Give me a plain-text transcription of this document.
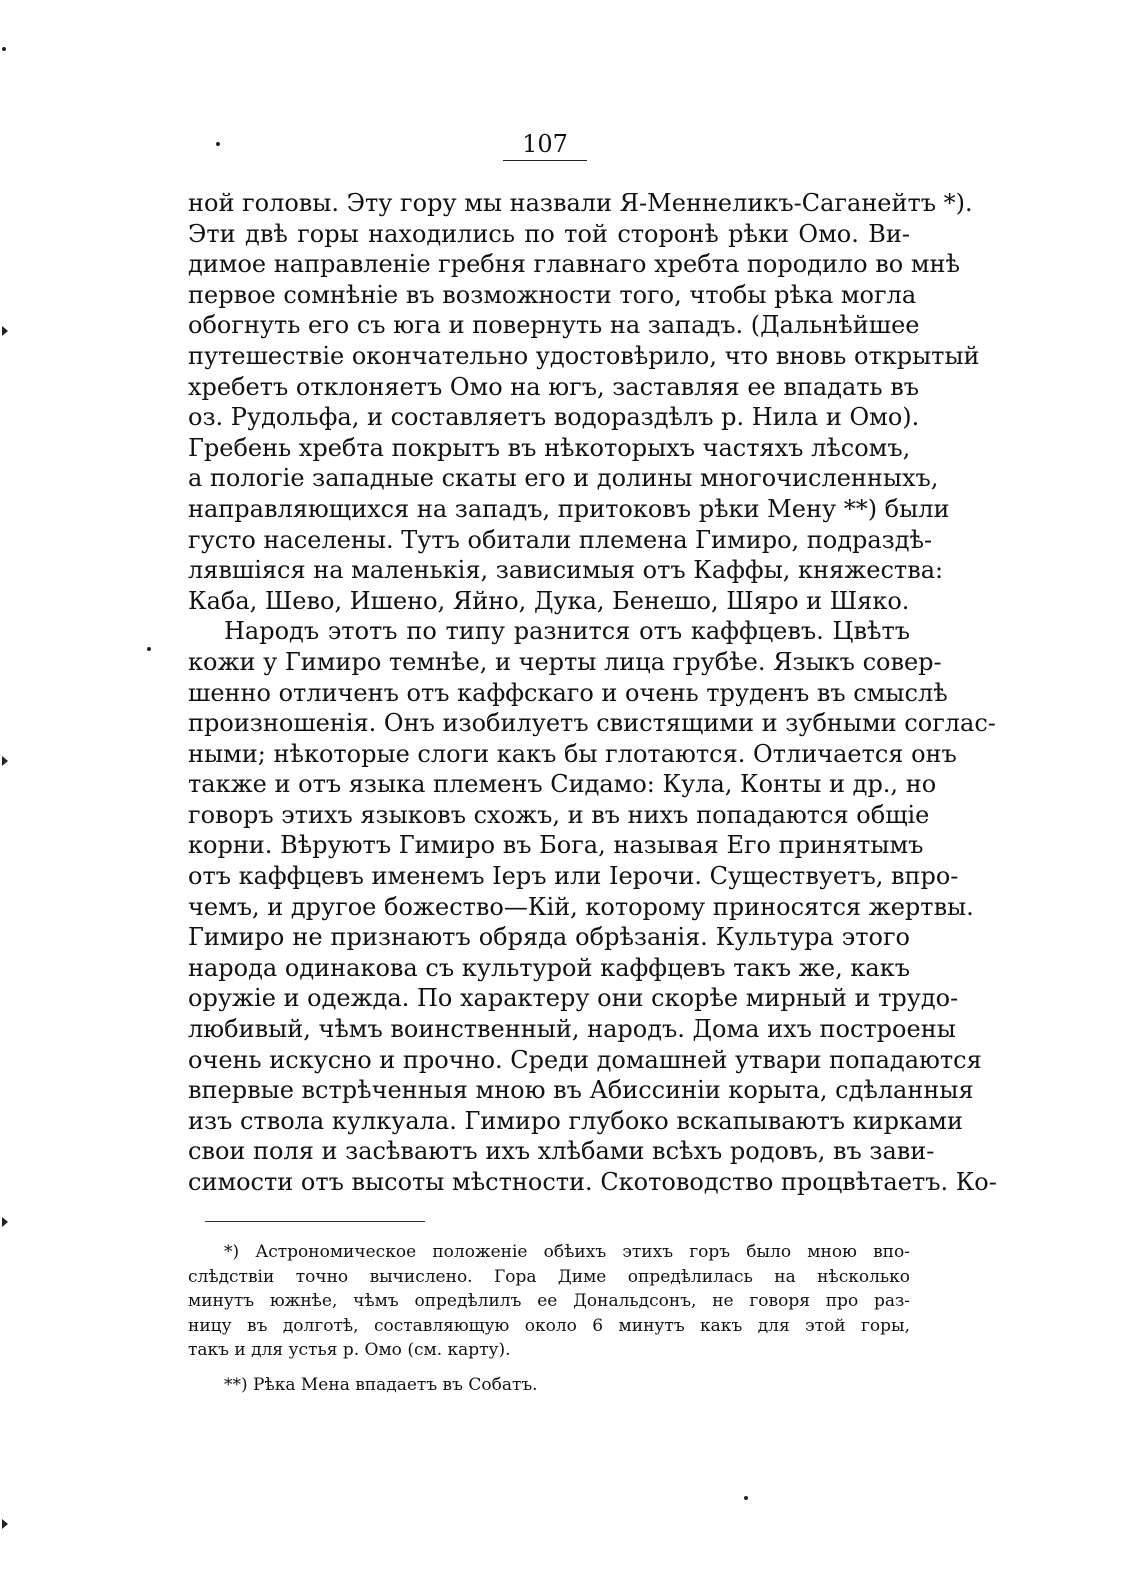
107
ной головы. Эту гору мы назвали Я-Меннеликъ-Саганейтъ *).
Эти двѣ горы находились по той сторонѣ рѣки Омо. Ви-
димое направленіе гребня главнаго хребта породило во мнѣ
первое сомнѣніе въ возможности того, чтобы рѣка могла
обогнуть его съ юга и повернуть на западъ. (Дальнѣйшее
путешествіе окончательно удостовѣрило, что вновь открытый
хребетъ отклоняетъ Омо на югъ, заставляя ее впадать въ
оз. Рудольфа, и составляетъ водораздѣлъ р. Нила и Омо).
Гребень хребта покрытъ въ нѣкоторыхъ частяхъ лѣсомъ,
а пологіе западные скаты его и долины многочисленныхъ,
направляющихся на западъ, притоковъ рѣки Мену **) были
густо населены. Тутъ обитали племена Гимиро, подраздѣ-
лявшіяся на маленькія, зависимыя отъ Каффы, княжества:
Каба, Шево, Ишено, Яйно, Дука, Бенешо, Шяро и Шяко.
Народъ этотъ по типу разнится отъ каффцевъ. Цвѣтъ
кожи у Гимиро темнѣе, и черты лица грубѣе. Языкъ совер-
шенно отличенъ отъ каффскаго и очень труденъ въ смыслѣ
произношенія. Онъ изобилуетъ свистящими и зубными соглас-
ными; нѣкоторые слоги какъ бы глотаются. Отличается онъ
также и отъ языка племенъ Сидамо: Кула, Конты и др., но
говоръ этихъ языковъ схожъ, и въ нихъ попадаются общіе
корни. Вѣруютъ Гимиро въ Бога, называя Его принятымъ
отъ каффцевъ именемъ Іеръ или Іерочи. Существуетъ, впро-
чемъ, и другое божество—Кій, которому приносятся жертвы.
Гимиро не признаютъ обряда обрѣзанія. Культура этого
народа одинакова съ культурой каффцевъ такъ же, какъ
оружіе и одежда. По характеру они скорѣе мирный и трудо-
любивый, чѣмъ воинственный, народъ. Дома ихъ построены
очень искусно и прочно. Среди домашней утвари попадаются
впервые встрѣченныя мною въ Абиссиніи корыта, сдѣланныя
изъ ствола кулкуала. Гимиро глубоко вскапываютъ кирками
свои поля и засѣваютъ ихъ хлѣбами всѣхъ родовъ, въ зави-
симости отъ высоты мѣстности. Скотоводство процвѣтаетъ. Ко-
*) Астрономическое положеніе обѣихъ этихъ горъ было мною впо-
слѣдствіи точно вычислено. Гора Диме опредѣлилась на нѣсколько
минутъ южнѣе, чѣмъ опредѣлилъ ее Дональдсонъ, не говоря про раз-
ницу въ долготѣ, составляющую около 6 минутъ какъ для этой горы,
такъ и для устья р. Омо (см. карту).
**) Рѣка Мена впадаетъ въ Собатъ.
